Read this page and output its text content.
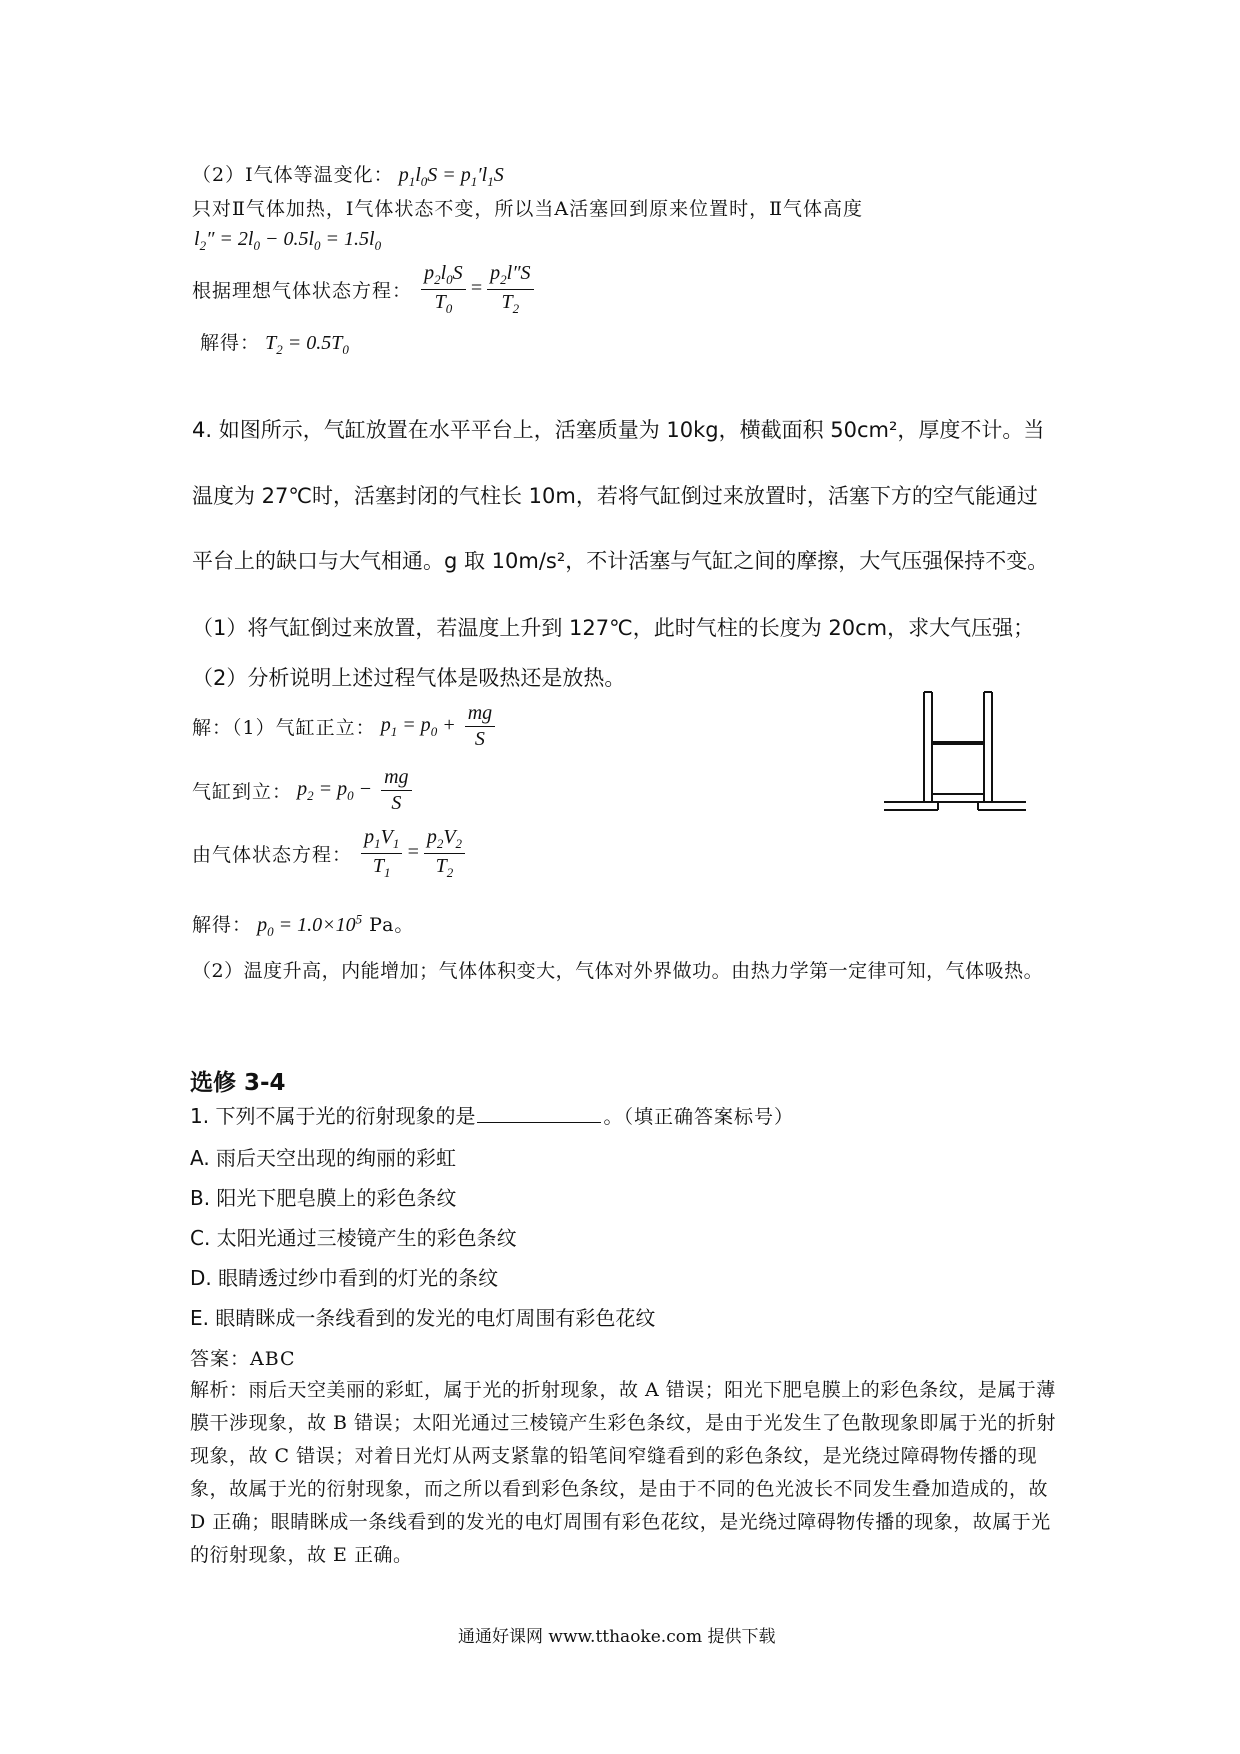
（2）Ⅰ气体等温变化： $p_1l_0S = p_1'l_1S$
只对Ⅱ气体加热，Ⅰ气体状态不变，所以当A活塞回到原来位置时，Ⅱ气体高度
$l_2'' = 2l_0 - 0.5l_0 = 1.5l_0$
根据理想气体状态方程： $\frac{p_2l_0S}{T_0} = \frac{p_2l''S}{T_2}$
解得： $T_2 = 0.5T_0$
4. 如图所示，气缸放置在水平平台上，活塞质量为 10kg，横截面积 50cm²，厚度不计。当
温度为 27℃时，活塞封闭的气柱长 10m，若将气缸倒过来放置时，活塞下方的空气能通过
平台上的缺口与大气相通。g 取 10m/s²，不计活塞与气缸之间的摩擦，大气压强保持不变。
（1）将气缸倒过来放置，若温度上升到 127℃，此时气柱的长度为 20cm，求大气压强；
（2）分析说明上述过程气体是吸热还是放热。
解：（1）气缸正立： $p_1 = p_0 + \frac{mg}{S}$
气缸到立： $p_2 = p_0 - \frac{mg}{S}$
由气体状态方程： $\frac{p_1V_1}{T_1} = \frac{p_2V_2}{T_2}$
解得： $p_0 = 1.0\times 10^5$ Pa。
（2）温度升高，内能增加；气体体积变大，气体对外界做功。由热力学第一定律可知，气体吸热。
选修 3-4
1. 下列不属于光的衍射现象的是	。（填正确答案标号）
A. 雨后天空出现的绚丽的彩虹
B. 阳光下肥皂膜上的彩色条纹
C. 太阳光通过三棱镜产生的彩色条纹
D. 眼睛透过纱巾看到的灯光的条纹
E. 眼睛眯成一条线看到的发光的电灯周围有彩色花纹
答案：ABC
解析：雨后天空美丽的彩虹，属于光的折射现象，故 A 错误；阳光下肥皂膜上的彩色条纹，是属于薄膜干涉现象，故 B 错误；太阳光通过三棱镜产生彩色条纹，是由于光发生了色散现象即属于光的折射现象，故 C 错误；对着日光灯从两支紧靠的铅笔间窄缝看到的彩色条纹，是光绕过障碍物传播的现象，故属于光的衍射现象，而之所以看到彩色条纹，是由于不同的色光波长不同发生叠加造成的，故 D 正确；眼睛眯成一条线看到的发光的电灯周围有彩色花纹，是光绕过障碍物传播的现象，故属于光的衍射现象，故 E 正确。
通通好课网 www.tthaoke.com 提供下载
